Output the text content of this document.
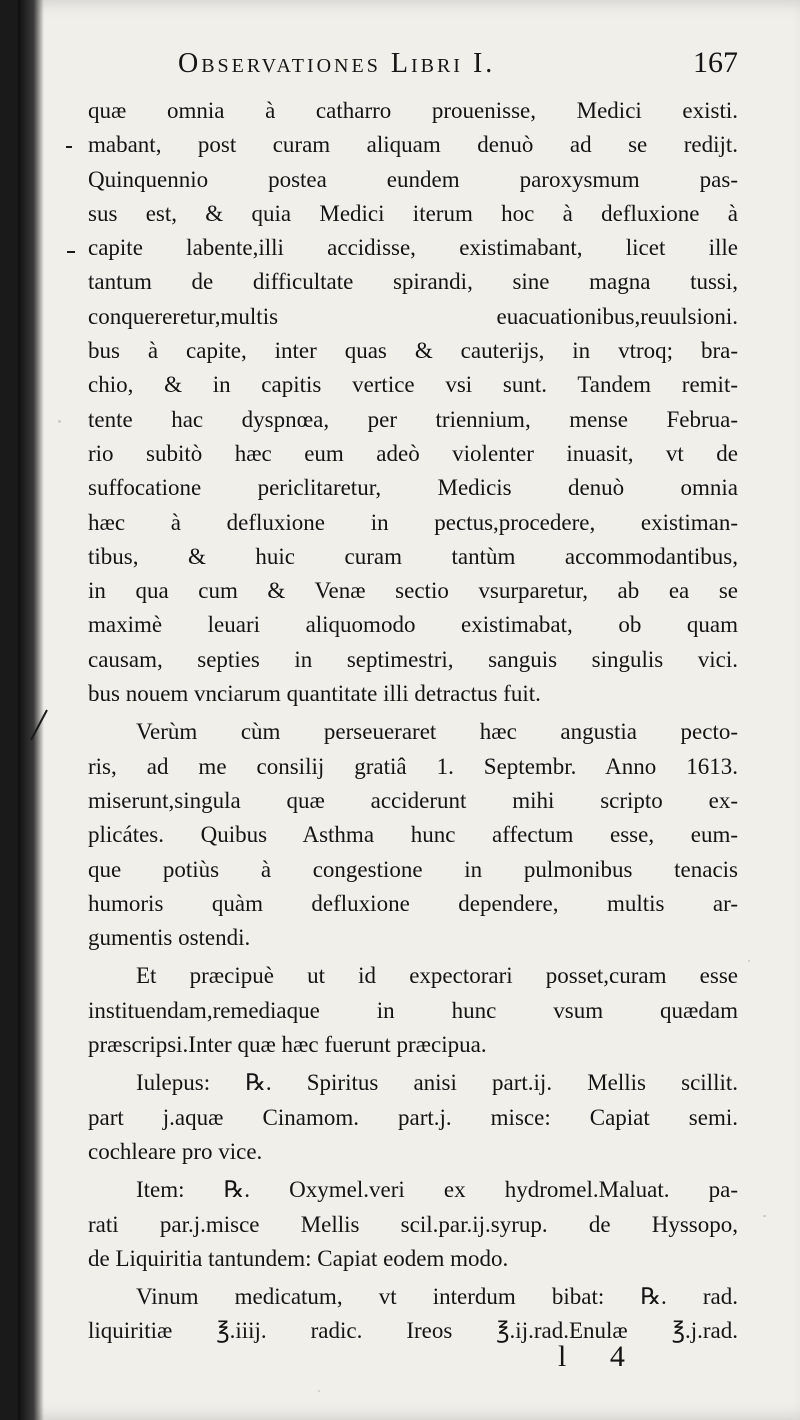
Observationes Libri I.	167
quæ omnia à catharro prouenisse, Medici existi.
mabant, post curam aliquam denuò ad se redijt.
Quinquennio postea eundem paroxysmum pas-
sus est, & quia Medici iterum hoc à defluxione à
capite labente,illi accidisse, existimabant, licet ille
tantum de difficultate spirandi, sine magna tussi,
conquereretur,multis euacuationibus,reuulsioni.
bus à capite, inter quas & cauterijs, in vtroq; bra-
chio, & in capitis vertice vsi sunt. Tandem remit-
tente hac dyspnœa, per triennium, mense Februa-
rio subitò hæc eum adeò violenter inuasit, vt de
suffocatione periclitaretur, Medicis denuò omnia
hæc à defluxione in pectus,procedere, existiman-
tibus, & huic curam tantùm accommodantibus,
in qua cum & Venæ sectio vsurparetur, ab ea se
maximè leuari aliquomodo existimabat, ob quam
causam, septies in septimestri, sanguis singulis vici.
bus nouem vnciarum quantitate illi detractus fuit.
Verùm cùm perseueraret hæc angustia pecto-
ris, ad me consilij gratiâ 1. Septembr. Anno 1613.
miserunt,singula quæ acciderunt mihi scripto ex-
plicátes. Quibus Asthma hunc affectum esse, eum-
que potiùs à congestione in pulmonibus tenacis
humoris quàm defluxione dependere, multis ar-
gumentis ostendi.
Et præcipuè ut id expectorari posset,curam esse
instituendam,remediaque in hunc vsum quædam
præscripsi.Inter quæ hæc fuerunt præcipua.
Iulepus: ℞. Spiritus anisi part.ij. Mellis scillit.
part j.aquæ Cinamom. part.j. misce: Capiat semi.
cochleare pro vice.
Item: ℞. Oxymel.veri ex hydromel.Maluat. pa-
rati par.j.misce Mellis scil.par.ij.syrup. de Hyssopo,
de Liquiritia tantundem: Capiat eodem modo.
Vinum medicatum, vt interdum bibat: ℞. rad.
liquiritiæ ℥.iiij. radic. Ireos ℥.ij.rad.Enulæ ℥.j.rad.
l 4
